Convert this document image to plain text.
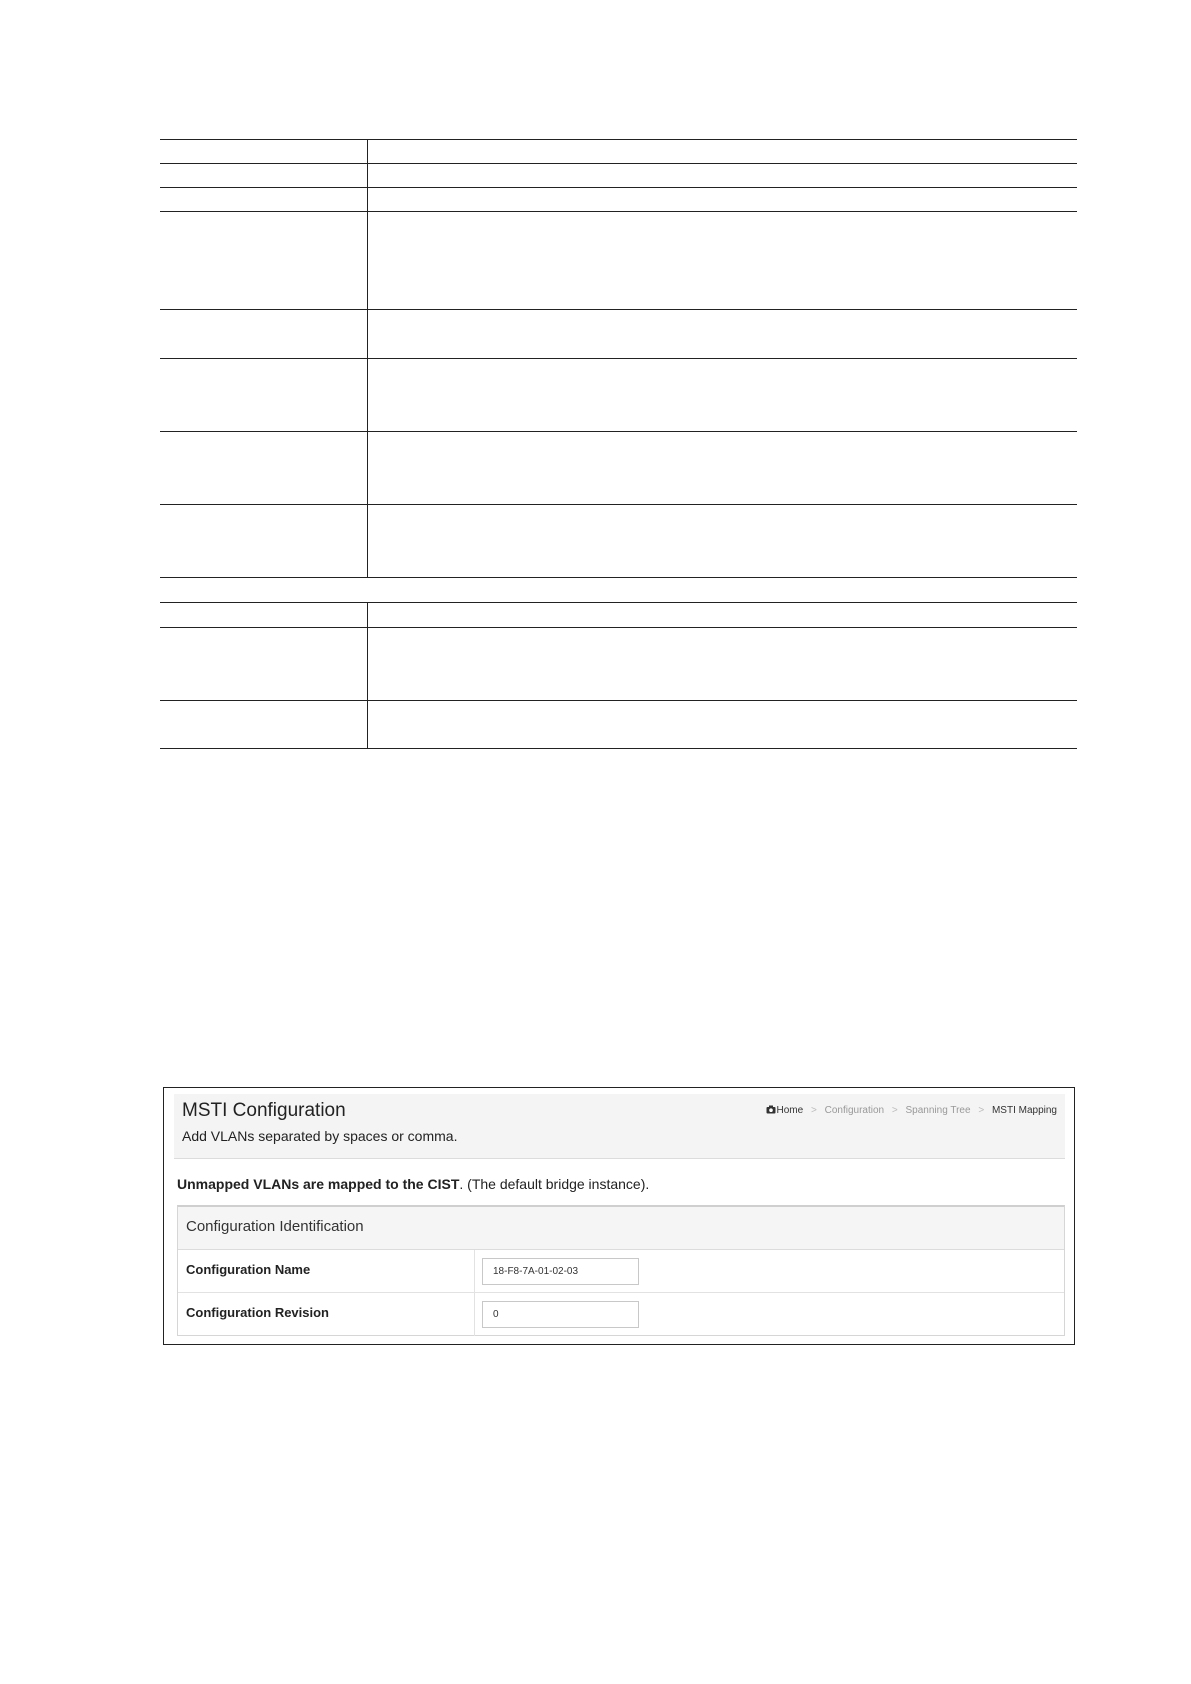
MSTI Configuration
Add VLANs separated by spaces or comma.
Home > Configuration > Spanning Tree > MSTI Mapping
Unmapped VLANs are mapped to the CIST. (The default bridge instance).
Configuration Identification
Configuration Name
18-F8-7A-01-02-03
Configuration Revision
0
